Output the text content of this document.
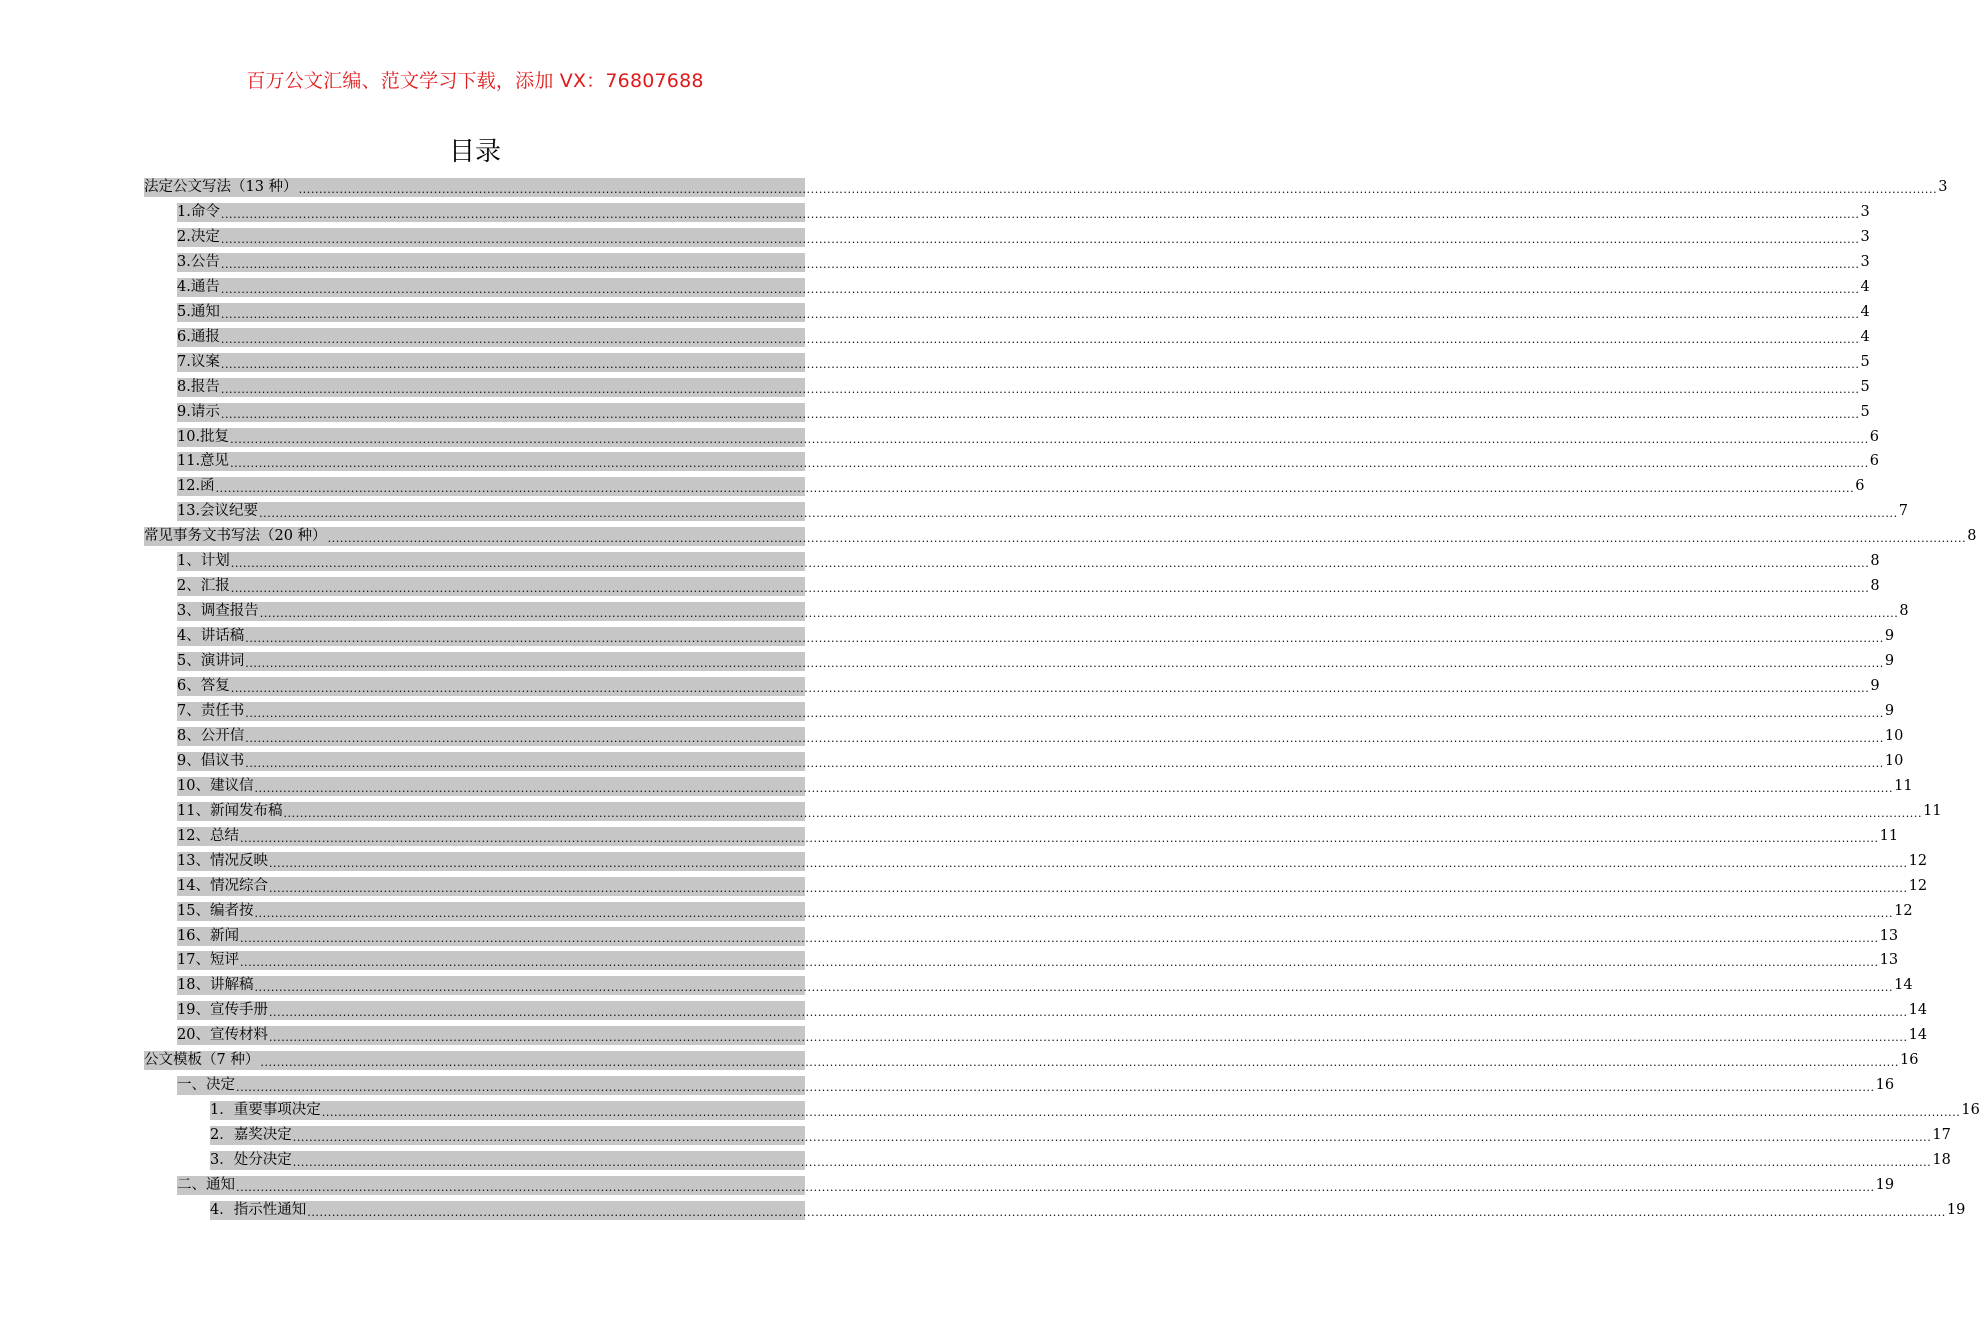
百万公文汇编、范文学习下载，添加 VX：76807688
目录
法定公文写法（13 种） ................................................................................................................................................................................................................................................................................................................................................................................................................ 3
1.命令 ................................................................................................................................................................................................................................................................................................................................................................................................................ 3
2.决定 ................................................................................................................................................................................................................................................................................................................................................................................................................ 3
3.公告 ................................................................................................................................................................................................................................................................................................................................................................................................................ 3
4.通告 ................................................................................................................................................................................................................................................................................................................................................................................................................ 4
5.通知 ................................................................................................................................................................................................................................................................................................................................................................................................................ 4
6.通报 ................................................................................................................................................................................................................................................................................................................................................................................................................ 4
7.议案 ................................................................................................................................................................................................................................................................................................................................................................................................................ 5
8.报告 ................................................................................................................................................................................................................................................................................................................................................................................................................ 5
9.请示 ................................................................................................................................................................................................................................................................................................................................................................................................................ 5
10.批复 ................................................................................................................................................................................................................................................................................................................................................................................................................ 6
11.意见 ................................................................................................................................................................................................................................................................................................................................................................................................................ 6
12.函 ................................................................................................................................................................................................................................................................................................................................................................................................................ 6
13.会议纪要 ................................................................................................................................................................................................................................................................................................................................................................................................................ 7
常见事务文书写法（20 种） ................................................................................................................................................................................................................................................................................................................................................................................................................ 8
1、计划 ................................................................................................................................................................................................................................................................................................................................................................................................................ 8
2、汇报 ................................................................................................................................................................................................................................................................................................................................................................................................................ 8
3、调查报告 ................................................................................................................................................................................................................................................................................................................................................................................................................ 8
4、讲话稿 ................................................................................................................................................................................................................................................................................................................................................................................................................ 9
5、演讲词 ................................................................................................................................................................................................................................................................................................................................................................................................................ 9
6、答复 ................................................................................................................................................................................................................................................................................................................................................................................................................ 9
7、责任书 ................................................................................................................................................................................................................................................................................................................................................................................................................ 9
8、公开信 ................................................................................................................................................................................................................................................................................................................................................................................................................ 10
9、倡议书 ................................................................................................................................................................................................................................................................................................................................................................................................................ 10
10、建议信 ................................................................................................................................................................................................................................................................................................................................................................................................................ 11
11、新闻发布稿 ................................................................................................................................................................................................................................................................................................................................................................................................................ 11
12、总结 ................................................................................................................................................................................................................................................................................................................................................................................................................ 11
13、情况反映 ................................................................................................................................................................................................................................................................................................................................................................................................................ 12
14、情况综合 ................................................................................................................................................................................................................................................................................................................................................................................................................ 12
15、编者按 ................................................................................................................................................................................................................................................................................................................................................................................................................ 12
16、新闻 ................................................................................................................................................................................................................................................................................................................................................................................................................ 13
17、短评 ................................................................................................................................................................................................................................................................................................................................................................................................................ 13
18、讲解稿 ................................................................................................................................................................................................................................................................................................................................................................................................................ 14
19、宣传手册 ................................................................................................................................................................................................................................................................................................................................................................................................................ 14
20、宣传材料 ................................................................................................................................................................................................................................................................................................................................................................................................................ 14
公文模板（7 种） ................................................................................................................................................................................................................................................................................................................................................................................................................ 16
一、决定 ................................................................................................................................................................................................................................................................................................................................................................................................................ 16
1．重要事项决定 ................................................................................................................................................................................................................................................................................................................................................................................................................ 16
2．嘉奖决定 ................................................................................................................................................................................................................................................................................................................................................................................................................ 17
3．处分决定 ................................................................................................................................................................................................................................................................................................................................................................................................................ 18
二、通知 ................................................................................................................................................................................................................................................................................................................................................................................................................ 19
4．指示性通知 ................................................................................................................................................................................................................................................................................................................................................................................................................ 19
